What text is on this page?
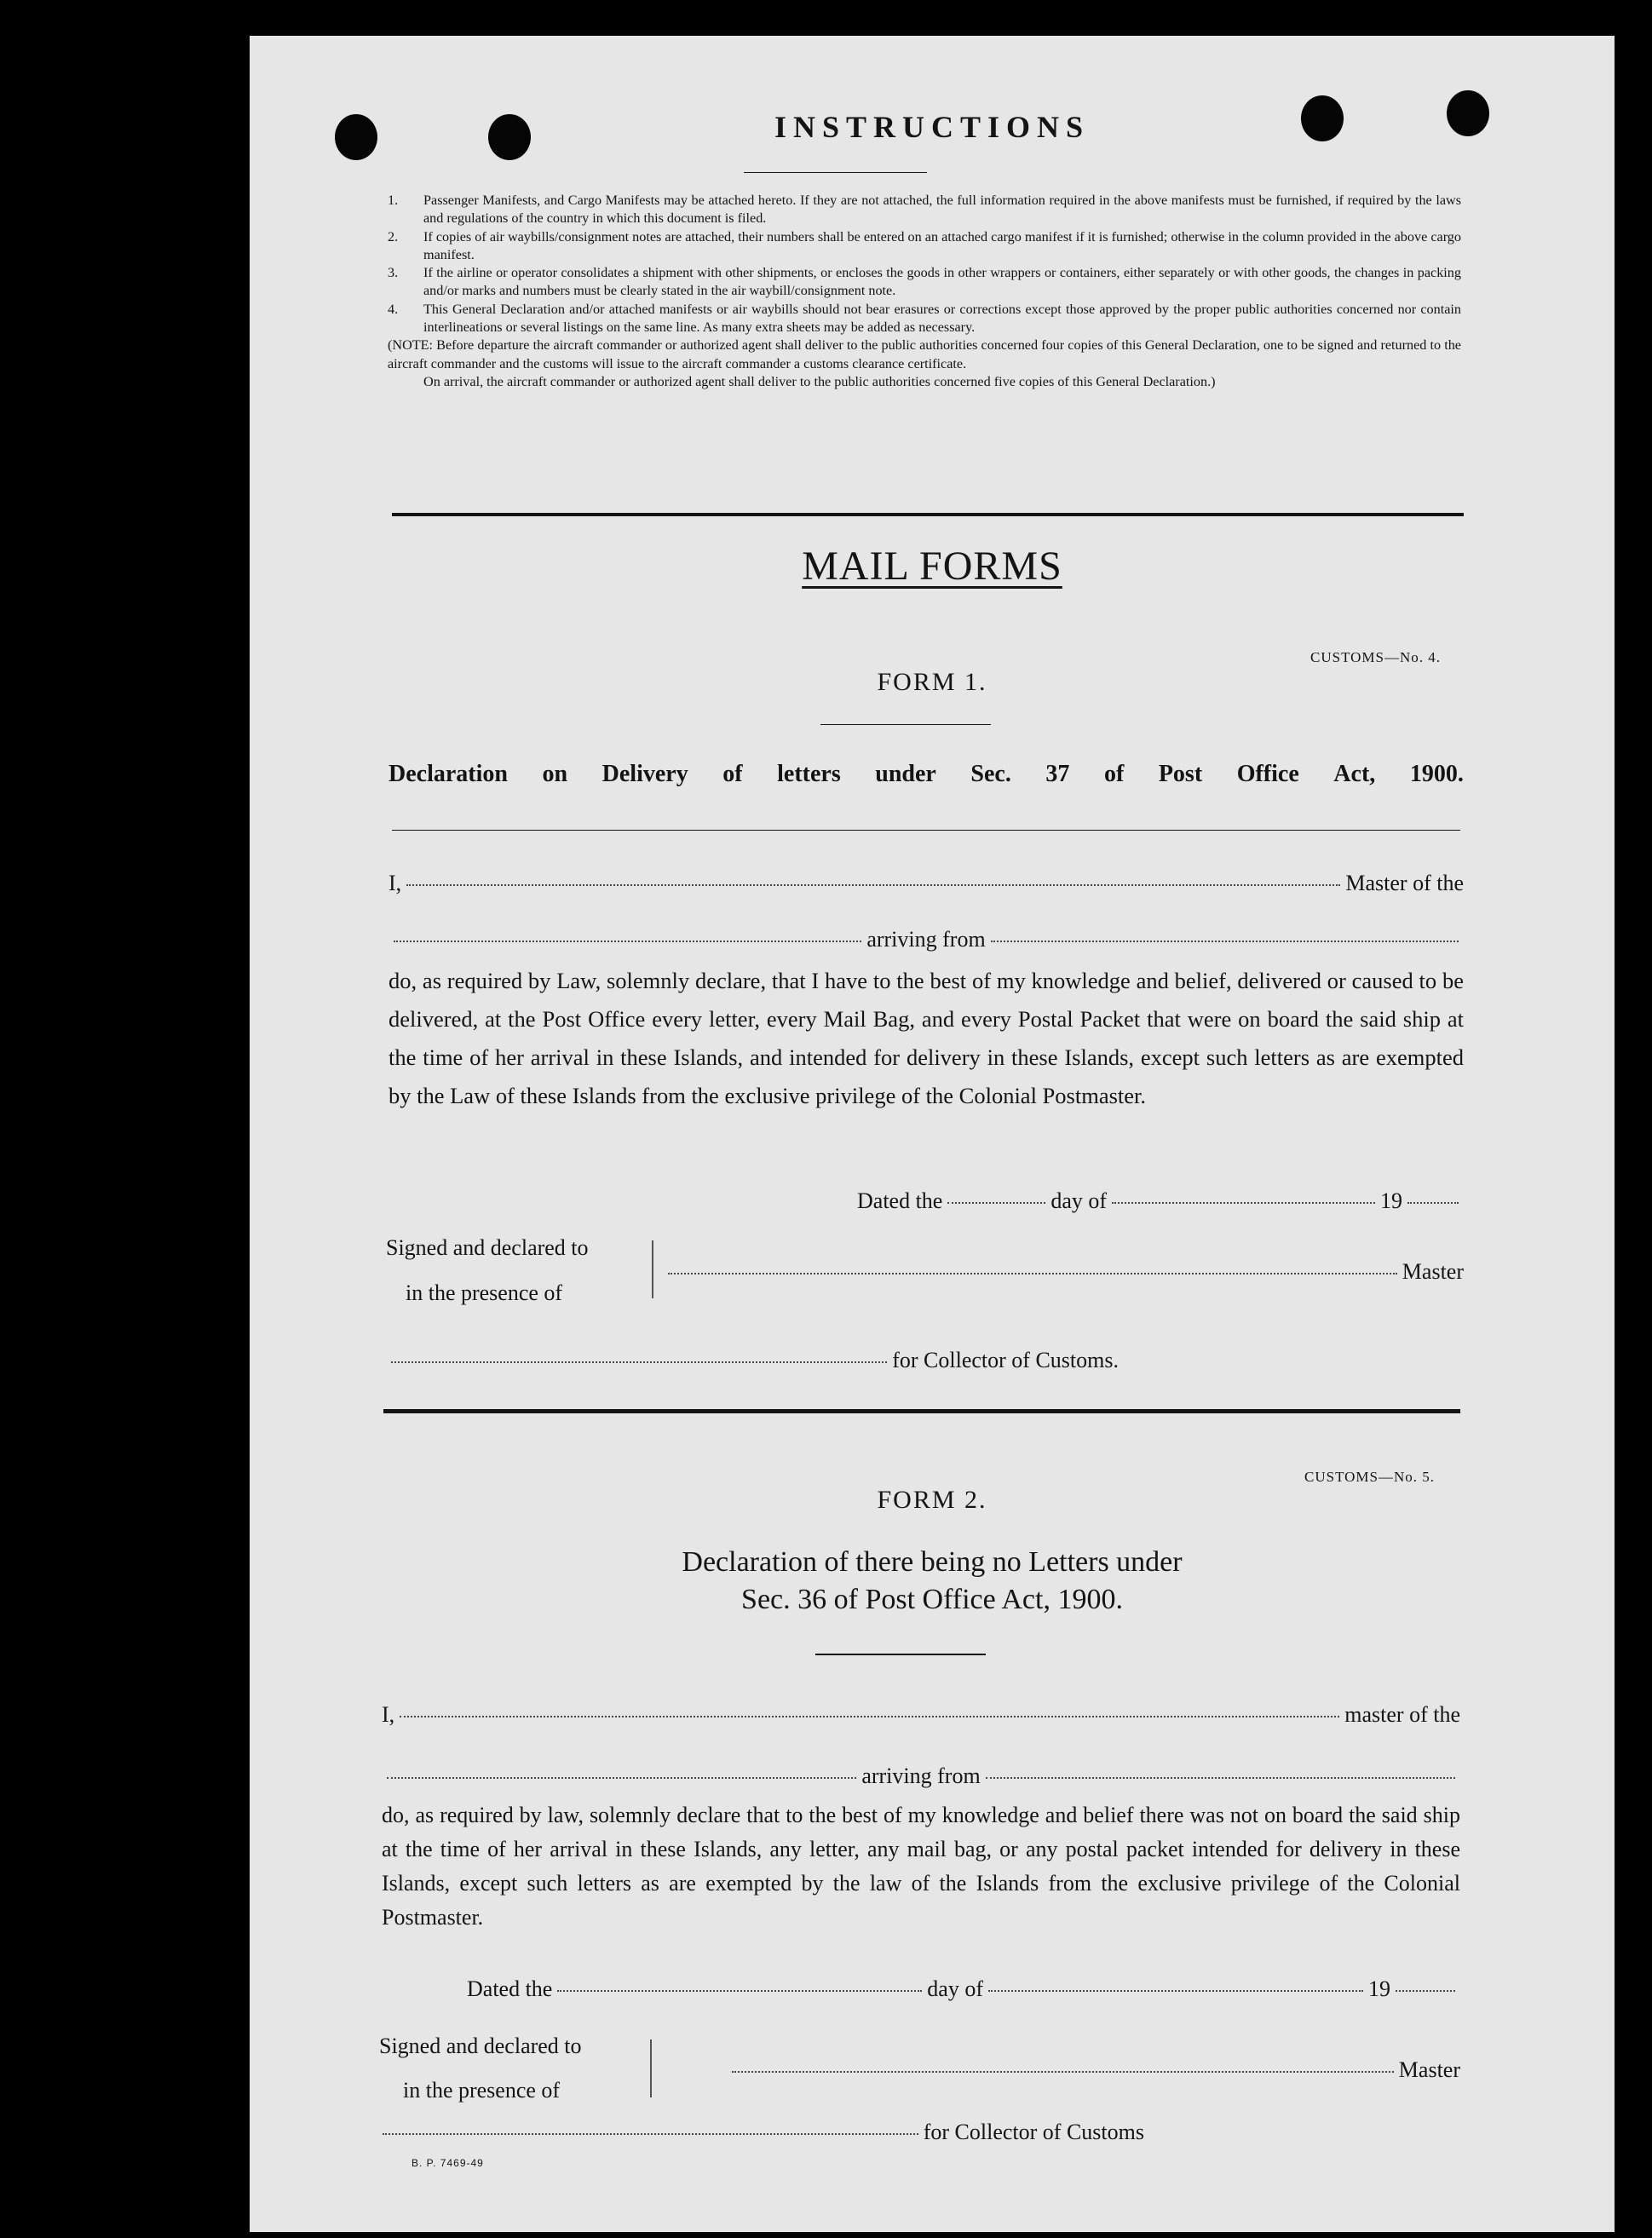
INSTRUCTIONS
1. Passenger Manifests, and Cargo Manifests may be attached hereto. If they are not attached, the full information required in the above manifests must be furnished, if required by the laws and regulations of the country in which this document is filed.
2. If copies of air waybills/consignment notes are attached, their numbers shall be entered on an attached cargo manifest if it is furnished; otherwise in the column provided in the above cargo manifest.
3. If the airline or operator consolidates a shipment with other shipments, or encloses the goods in other wrappers or containers, either separately or with other goods, the changes in packing and/or marks and numbers must be clearly stated in the air waybill/consignment note.
4. This General Declaration and/or attached manifests or air waybills should not bear erasures or corrections except those approved by the proper public authorities concerned nor contain interlineations or several listings on the same line. As many extra sheets may be added as necessary.
(NOTE: Before departure the aircraft commander or authorized agent shall deliver to the public authorities concerned four copies of this General Declaration, one to be signed and returned to the aircraft commander and the customs will issue to the aircraft commander a customs clearance certificate.
On arrival, the aircraft commander or authorized agent shall deliver to the public authorities concerned five copies of this General Declaration.)
MAIL FORMS
CUSTOMS—No. 4.
FORM 1.
Declaration on Delivery of letters under Sec. 37 of Post Office Act, 1900.
I,	Master of the
arriving from
do, as required by Law, solemnly declare, that I have to the best of my knowledge and belief, delivered or caused to be delivered, at the Post Office every letter, every Mail Bag, and every Postal Packet that were on board the said ship at the time of her arrival in these Islands, and intended for delivery in these Islands, except such letters as are exempted by the Law of these Islands from the exclusive privilege of the Colonial Postmaster.
Dated the	day of	19
Signed and declared to
in the presence of
Master
for Collector of Customs.
CUSTOMS—No. 5.
FORM 2.
Declaration of there being no Letters under
Sec. 36 of Post Office Act, 1900.
I,	master of the
arriving from
do, as required by law, solemnly declare that to the best of my knowledge and belief there was not on board the said ship at the time of her arrival in these Islands, any letter, any mail bag, or any postal packet intended for delivery in these Islands, except such letters as are exempted by the law of the Islands from the exclusive privilege of the Colonial Postmaster.
Dated the	day of	19
Signed and declared to
in the presence of
Master
for Collector of Customs
B. P. 7469-49
